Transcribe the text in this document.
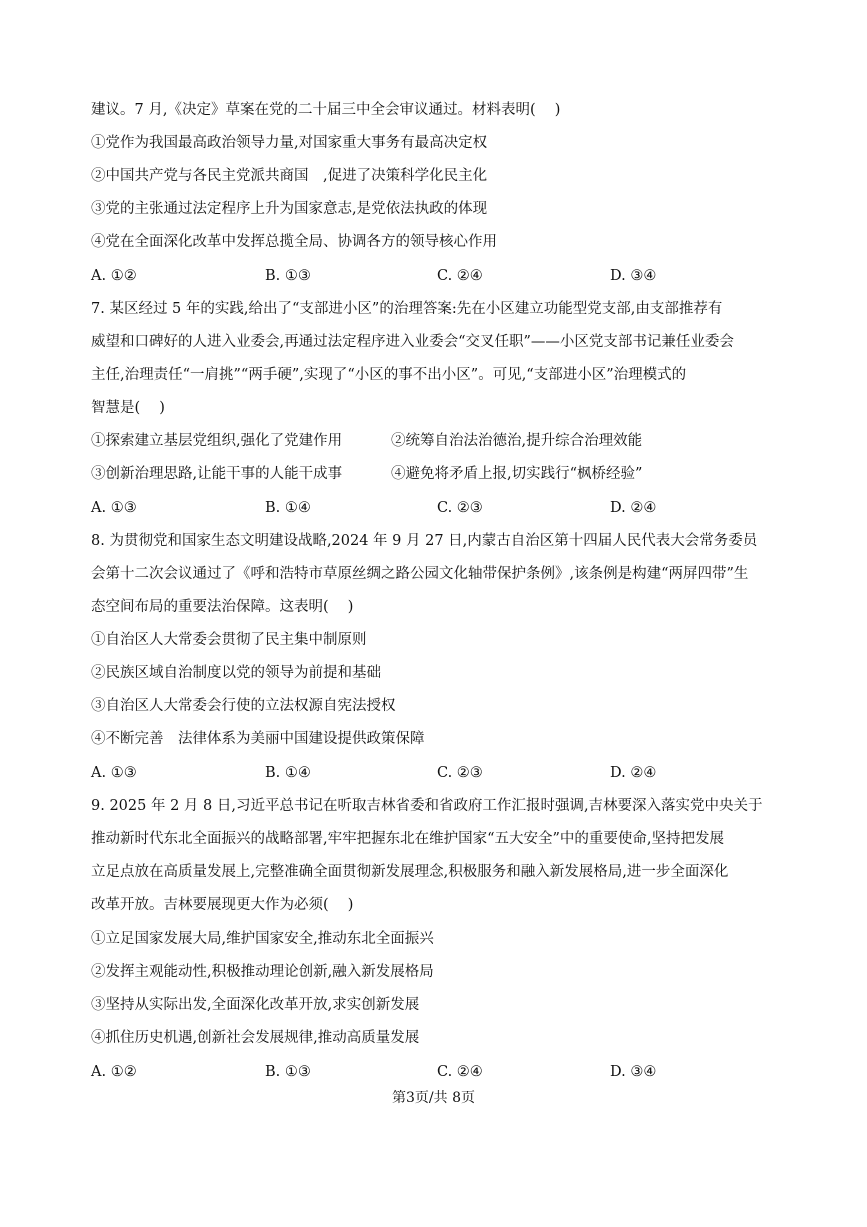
建议。7 月,《决定》草案在党的二十届三中全会审议通过。材料表明(　 )
①党作为我国最高政治领导力量,对国家重大事务有最高决定权
②中国共产党与各民主党派共商国　,促进了决策科学化民主化
③党的主张通过法定程序上升为国家意志,是党依法执政的体现
④党在全面深化改革中发挥总揽全局、协调各方的领导核心作用
A. ①②	B. ①③	C. ②④	D. ③④
7. 某区经过 5 年的实践,给出了“支部进小区”的治理答案:先在小区建立功能型党支部,由支部推荐有
威望和口碑好的人进入业委会,再通过法定程序进入业委会“交叉任职”——小区党支部书记兼任业委会
主任,治理责任“一肩挑”“两手硬”,实现了“小区的事不出小区”。可见,“支部进小区”治理模式的
智慧是(　 )
①探索建立基层党组织,强化了党建作用	②统筹自治法治德治,提升综合治理效能
③创新治理思路,让能干事的人能干成事	④避免将矛盾上报,切实践行“枫桥经验”
A. ①③	B. ①④	C. ②③	D. ②④
8. 为贯彻党和国家生态文明建设战略,2024 年 9 月 27 日,内蒙古自治区第十四届人民代表大会常务委员
会第十二次会议通过了《呼和浩特市草原丝绸之路公园文化轴带保护条例》,该条例是构建“两屏四带”生
态空间布局的重要法治保障。这表明(　 )
①自治区人大常委会贯彻了民主集中制原则
②民族区域自治制度以党的领导为前提和基础
③自治区人大常委会行使的立法权源自宪法授权
④不断完善　法律体系为美丽中国建设提供政策保障
A. ①③	B. ①④	C. ②③	D. ②④
9. 2025 年 2 月 8 日,习近平总书记在听取吉林省委和省政府工作汇报时强调,吉林要深入落实党中央关于
推动新时代东北全面振兴的战略部署,牢牢把握东北在维护国家“五大安全”中的重要使命,坚持把发展
立足点放在高质量发展上,完整准确全面贯彻新发展理念,积极服务和融入新发展格局,进一步全面深化
改革开放。吉林要展现更大作为必须(　 )
①立足国家发展大局,维护国家安全,推动东北全面振兴
②发挥主观能动性,积极推动理论创新,融入新发展格局
③坚持从实际出发,全面深化改革开放,求实创新发展
④抓住历史机遇,创新社会发展规律,推动高质量发展
A. ①②	B. ①③	C. ②④	D. ③④
第3页/共 8页
